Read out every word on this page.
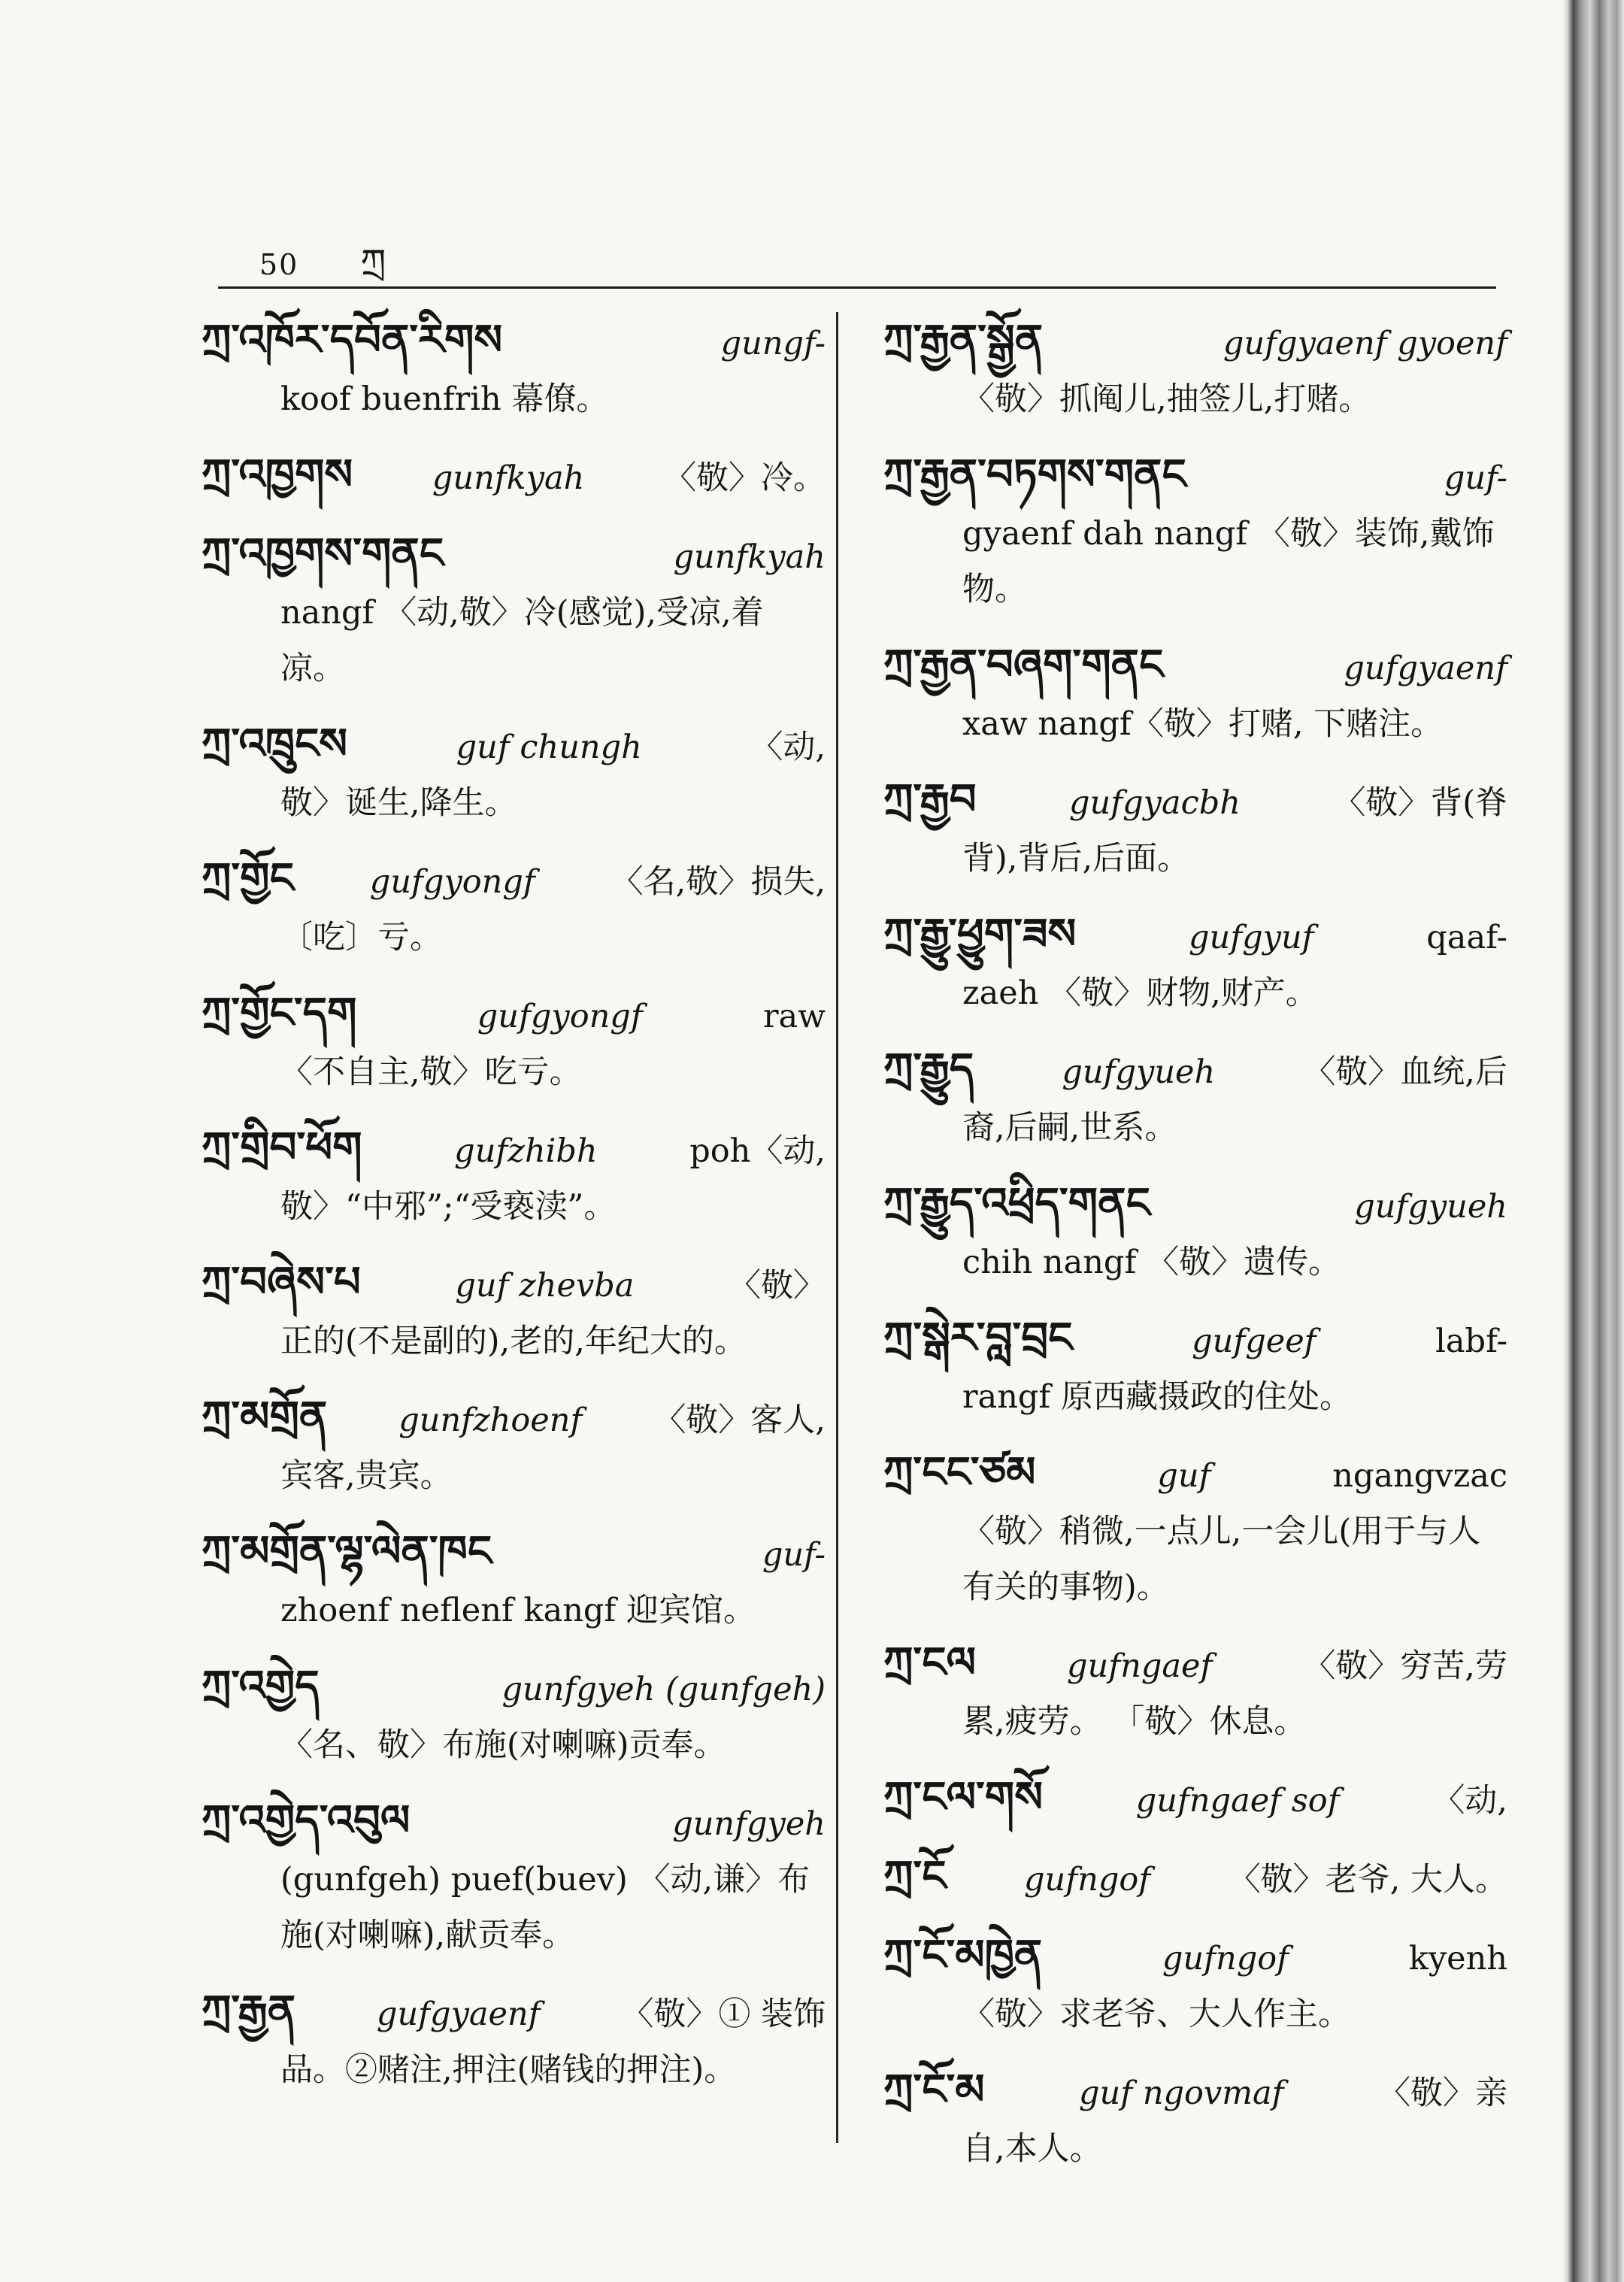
50 ཀྲ
ཀྲ་འཁོར་དབོན་རིགས	gungf-
koof buenfrih 幕僚。
ཀྲ་འཁྱགས gunfkyah 〈敬〉冷。
ཀྲ་འཁྱགས་གནང	gunfkyah
nangf 〈动,敬〉冷(感觉),受凉,着凉。
ཀྲ་འཁྲུངས	guf chungh	〈动,
敬〉诞生,降生。
ཀྲ་གྱོང gufgyongf 〈名,敬〉损失,
〔吃〕亏。
ཀྲ་གྱོང་དག	gufgyongf	raw
〈不自主,敬〉吃亏。
ཀྲ་གྲིབ་ཕོག	gufzhibh	poh〈动,
敬〉“中邪”;“受亵渎”。
ཀྲ་བཞེས་པ	guf zhevba	〈敬〉
正的(不是副的),老的,年纪大的。
ཀྲ་མགྲོན gunfzhoenf 〈敬〉客人,
宾客,贵宾。
ཀྲ་མགྲོན་ལྷ་ལེན་ཁང	guf-
zhoenf neflenf kangf 迎宾馆。
ཀྲ་འགྱེད	gunfgyeh (gunfgeh)
〈名、敬〉布施(对喇嘛)贡奉。
ཀྲ་འགྱེད་འབུལ	gunfgyeh
(gunfgeh) puef(buev) 〈动,谦〉布施(对喇嘛),献贡奉。
ཀྲ་རྒྱན	gufgyaenf	〈敬〉① 装饰
品。②赌注,押注(赌钱的押注)。
ཀྲ་རྒྱན་སྒྱོན	gufgyaenf gyoenf
〈敬〉抓阄儿,抽签儿,打赌。
ཀྲ་རྒྱན་བཏགས་གནང	guf-
gyaenf dah nangf 〈敬〉装饰,戴饰物。
ཀྲ་རྒྱན་བཞག་གནང	gufgyaenf
xaw nangf〈敬〉打赌, 下赌注。
ཀྲ་རྒྱབ	gufgyacbh	〈敬〉背(脊
背),背后,后面。
ཀྲ་རྒྱུ་ཕྱུག་ཟས	gufgyuf	qaaf-
zaeh 〈敬〉财物,财产。
ཀྲ་རྒྱུད	gufgyueh	〈敬〉血统,后
裔,后嗣,世系。
ཀྲ་རྒྱུད་འཕྲིད་གནང	gufgyueh
chih nangf 〈敬〉遗传。
ཀྲ་སྒེར་བླ་བྲང	gufgeef	labf-
rangf 原西藏摄政的住处。
ཀྲ་ངང་ཙམ	guf	ngangvzac
〈敬〉稍微,一点儿,一会儿(用于与人有关的事物)。
ཀྲ་ངལ	gufngaef	〈敬〉穷苦,劳
累,疲劳。 「敬〉休息。
ཀྲ་ངལ་གསོ	gufngaef sof	〈动,
ཀྲ་ངོ gufngof 〈敬〉老爷, 大人。
ཀྲ་ངོ་མཁྱེན	gufngof	kyenh
〈敬〉求老爷、大人作主。
ཀྲ་ངོ་མ	guf ngovmaf	〈敬〉亲
自,本人。
